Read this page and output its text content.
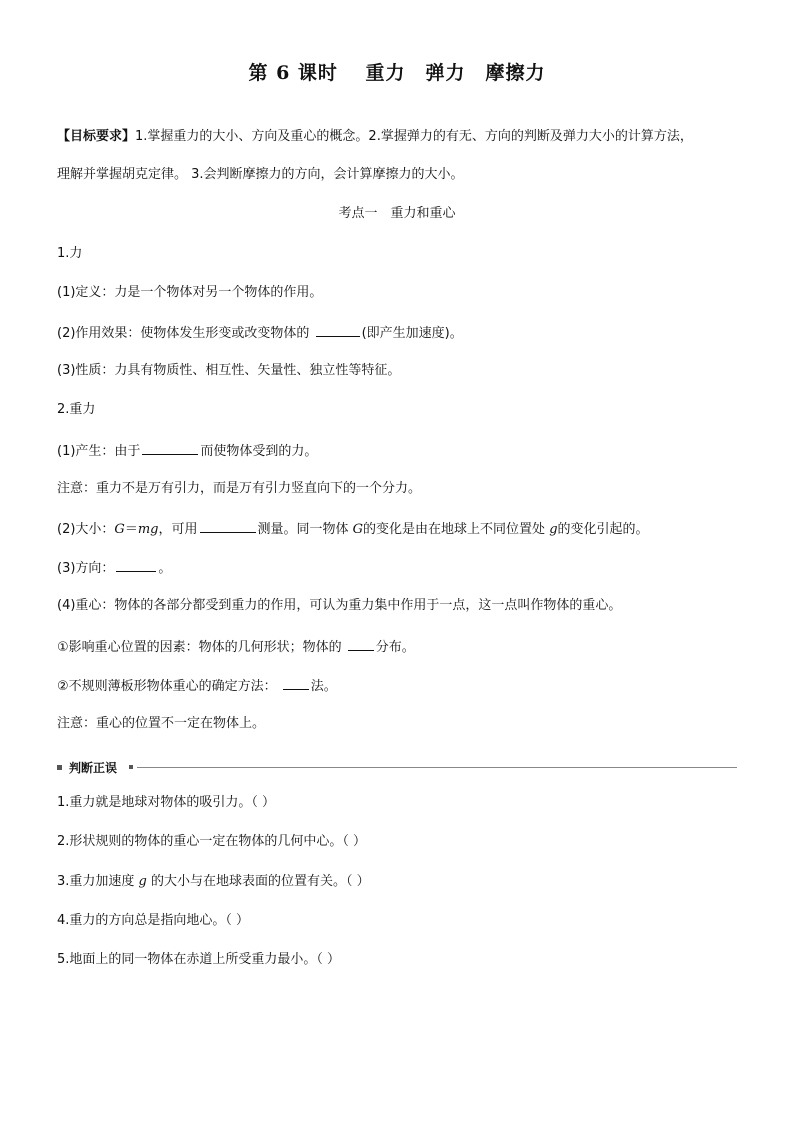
第 6 课时　 重力　弹力　摩擦力
【目标要求】1.掌握重力的大小、方向及重心的概念。2.掌握弹力的有无、方向的判断及弹力大小的计算方法，
理解并掌握胡克定律。 3.会判断摩擦力的方向，会计算摩擦力的大小。
考点一　重力和重心
1.力
(1)定义：力是一个物体对另一个物体的作用。
(2)作用效果：使物体发生形变或改变物体的	(即产生加速度)。
(3)性质：力具有物质性、相互性、矢量性、独立性等特征。
2.重力
(1)产生：由于	而使物体受到的力。
注意：重力不是万有引力，而是万有引力竖直向下的一个分力。
(2)大小：G＝mg，可用	测量。同一物体 G的变化是由在地球上不同位置处 g的变化引起的。
(3)方向：	。
(4)重心：物体的各部分都受到重力的作用，可认为重力集中作用于一点，这一点叫作物体的重心。
①影响重心位置的因素：物体的几何形状；物体的	分布。
②不规则薄板形物体重心的确定方法：	法。
注意：重心的位置不一定在物体上。
判断正误
1.重力就是地球对物体的吸引力。（ ）
2.形状规则的物体的重心一定在物体的几何中心。（ ）
3.重力加速度 g 的大小与在地球表面的位置有关。（ ）
4.重力的方向总是指向地心。（ ）
5.地面上的同一物体在赤道上所受重力最小。（ ）
